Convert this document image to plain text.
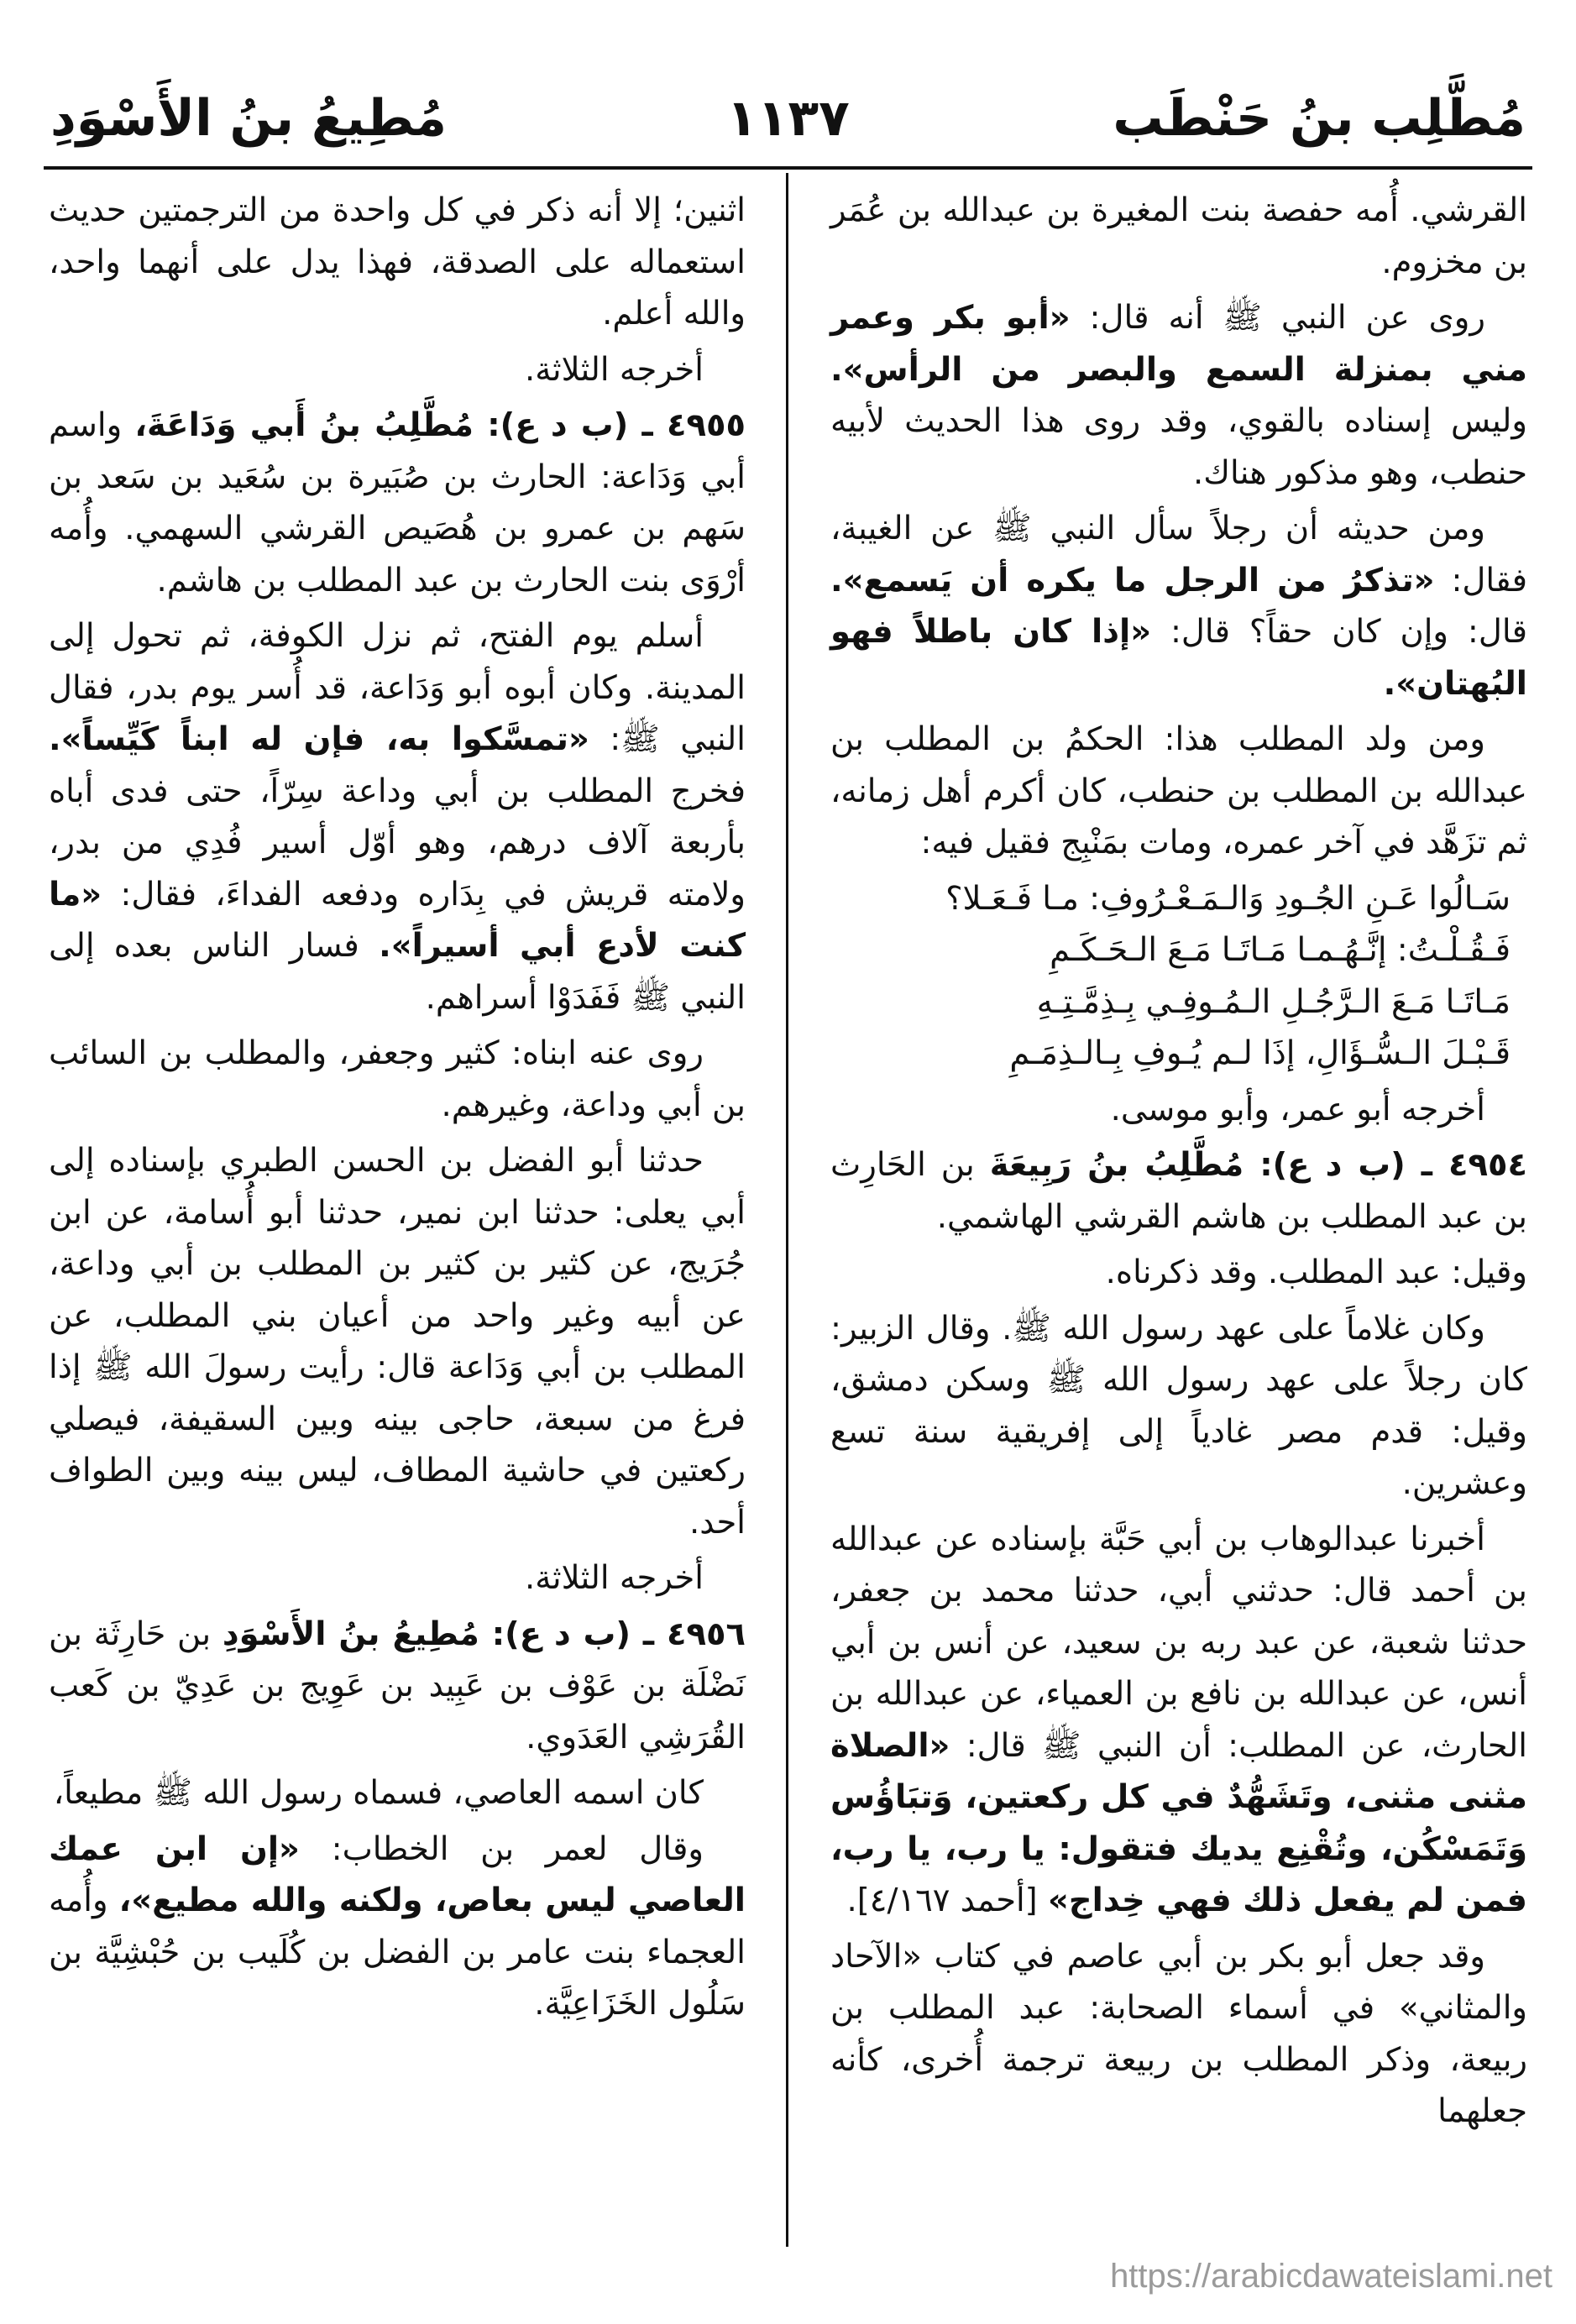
مُطَّلِب بنُ حَنْطَب
١١٣٧
مُطِيعُ بنُ الأَسْوَدِ

القرشي. أُمه حفصة بنت المغيرة بن عبدالله بن عُمَر بن مخزوم.

روى عن النبي ﷺ أنه قال: «أبو بكر وعمر مني بمنزلة السمع والبصر من الرأس». وليس إسناده بالقوي، وقد روى هذا الحديث لأبيه حنطب، وهو مذكور هناك.

ومن حديثه أن رجلاً سأل النبي ﷺ عن الغيبة، فقال: «تذكرُ من الرجل ما يكره أن يَسمع». قال: وإن كان حقاً؟ قال: «إذا كان باطلاً فهو البُهتان».

ومن ولد المطلب هذا: الحكمُ بن المطلب بن عبدالله بن المطلب بن حنطب، كان أكرم أهل زمانه، ثم تزَهَّد في آخر عمره، ومات بمَنْبِج فقيل فيه:

سَـالُوا عَـنِ الجُـودِ وَالـمَـعْـرُوفِ: مـا فَـعَـلا؟
فَـقُـلْـتُ: إنَّـهُـمـا مَـاتَـا مَـعَ الـحَـكَـمِ
مَـاتَـا مَـعَ الـرَّجُـلِ الـمُـوفِـي بِـذِمَّـتِـهِ
قَـبْـلَ الـسُّـؤَالِ، إذَا لـم يُـوفِ بِـالـذِمَـمِ

أخرجه أبو عمر، وأبو موسى.

٤٩٥٤ ـ (ب د ع): مُطَّلِبُ بنُ رَبِيعَةَ بن الحَارِث بن عبد المطلب بن هاشم القرشي الهاشمي.

وقيل: عبد المطلب. وقد ذكرناه.

وكان غلاماً على عهد رسول الله ﷺ. وقال الزبير: كان رجلاً على عهد رسول الله ﷺ وسكن دمشق، وقيل: قدم مصر غادياً إلى إفريقية سنة تسع وعشرين.

أخبرنا عبدالوهاب بن أبي حَبَّة بإسناده عن عبدالله بن أحمد قال: حدثني أبي، حدثنا محمد بن جعفر، حدثنا شعبة، عن عبد ربه بن سعيد، عن أنس بن أبي أنس، عن عبدالله بن نافع بن العمياء، عن عبدالله بن الحارث، عن المطلب: أن النبي ﷺ قال: «الصلاة مثنى مثنى، وتَشَهُّدٌ في كل ركعتين، وَتبَاؤُس وَتَمَسْكُن، وتُقْنِع يديك فتقول: يا رب، يا رب، فمن لم يفعل ذلك فهي خِداج» [أحمد ٤/١٦٧].

وقد جعل أبو بكر بن أبي عاصم في كتاب «الآحاد والمثاني» في أسماء الصحابة: عبد المطلب بن ربيعة، وذكر المطلب بن ربيعة ترجمة أُخرى، كأنه جعلهما

اثنين؛ إلا أنه ذكر في كل واحدة من الترجمتين حديث استعماله على الصدقة، فهذا يدل على أنهما واحد، والله أعلم.

أخرجه الثلاثة.

٤٩٥٥ ـ (ب د ع): مُطَّلِبُ بنُ أَبي وَدَاعَةَ، واسم أبي وَدَاعة: الحارث بن صُبَيرة بن سُعَيد بن سَعد بن سَهم بن عمرو بن هُصَيص القرشي السهمي. وأُمه أرْوَى بنت الحارث بن عبد المطلب بن هاشم.

أسلم يوم الفتح، ثم نزل الكوفة، ثم تحول إلى المدينة. وكان أبوه أبو وَدَاعة، قد أُسر يوم بدر، فقال النبي ﷺ: «تمسَّكوا به، فإن له ابناً كَيِّساً». فخرج المطلب بن أبي وداعة سِرّاً، حتى فدى أباه بأربعة آلاف درهم، وهو أوّل أسير فُدِي من بدر، ولامته قريش في بِدَاره ودفعه الفداءَ، فقال: «ما كنت لأدع أبي أسيراً». فسار الناس بعده إلى النبي ﷺ فَفَدَوْا أسراهم.

روى عنه ابناه: كثير وجعفر، والمطلب بن السائب بن أبي وداعة، وغيرهم.

حدثنا أبو الفضل بن الحسن الطبري بإسناده إلى أبي يعلى: حدثنا ابن نمير، حدثنا أبو أُسامة، عن ابن جُرَيج، عن كثير بن كثير بن المطلب بن أبي وداعة، عن أبيه وغير واحد من أعيان بني المطلب، عن المطلب بن أبي وَدَاعة قال: رأيت رسولَ الله ﷺ إذا فرغ من سبعة، حاجى بينه وبين السقيفة، فيصلي ركعتين في حاشية المطاف، ليس بينه وبين الطواف أحد.

أخرجه الثلاثة.

٤٩٥٦ ـ (ب د ع): مُطِيعُ بنُ الأَسْوَدِ بن حَارِثَة بن نَضْلَة بن عَوْف بن عَبِيد بن عَوِيج بن عَدِيّ بن كَعب القُرَشِي العَدَوي.

كان اسمه العاصي، فسماه رسول الله ﷺ مطيعاً،

وقال لعمر بن الخطاب: «إن ابن عمك العاصي ليس بعاص، ولكنه والله مطيع»، وأُمه العجماء بنت عامر بن الفضل بن كُلَيب بن حُبْشِيَّة بن سَلُول الخَزَاعِيَّة.

https://arabicdawateislami.net
